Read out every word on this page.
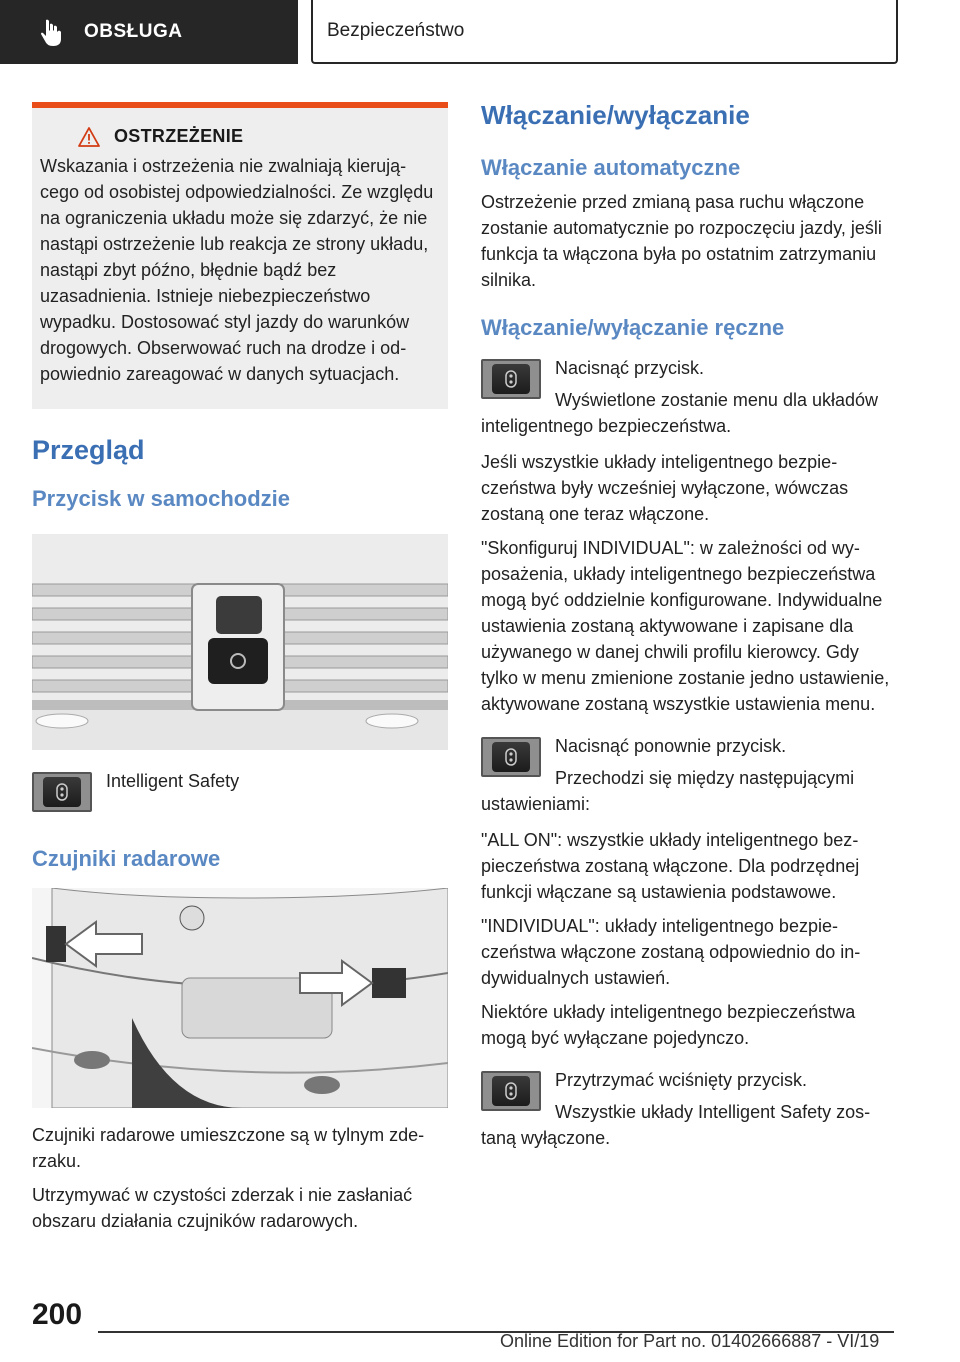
OBSŁUGA	Bezpieczeństwo
OSTRZEŻENIE
Wskazania i ostrzeżenia nie zwalniają kierującego od osobistej odpowiedzialności. Ze względu na ograniczenia układu może się zdarzyć, że nie nastąpi ostrzeżenie lub reakcja ze strony układu, nastąpi zbyt późno, błędnie bądź bez uzasadnienia. Istnieje niebezpieczeństwo wypadku. Dostosować styl jazdy do warunków drogowych. Obserwować ruch na drodze i odpowiednio zareagować w danych sytuacjach.
Przegląd
Przycisk w samochodzie

Intelligent Safety

Czujniki radarowe

Czujniki radarowe umieszczone są w tylnym zderzaku.

Utrzymywać w czystości zderzak i nie zasłaniać obszaru działania czujników radarowych.

Włączanie/wyłączanie
Włączanie automatyczne

Ostrzeżenie przed zmianą pasa ruchu włączone zostanie automatycznie po rozpoczęciu jazdy, jeśli funkcja ta włączona była po ostatnim zatrzymaniu silnika.

Włączanie/wyłączanie ręczne

Nacisnąć przycisk.

Wyświetlone zostanie menu dla układów inteligentnego bezpieczeństwa.

Jeśli wszystkie układy inteligentnego bezpieczeństwa były wcześniej wyłączone, wówczas zostaną one teraz włączone.

"Skonfiguruj INDIVIDUAL": w zależności od wyposażenia, układy inteligentnego bezpieczeństwa mogą być oddzielnie konfigurowane. Indywidualne ustawienia zostaną aktywowane i zapisane dla używanego w danej chwili profilu kierowcy. Gdy tylko w menu zmienione zostanie jedno ustawienie, aktywowane zostaną wszystkie ustawienia menu.

Nacisnąć ponownie przycisk.

Przechodzi się między następującymi ustawieniami:

"ALL ON": wszystkie układy inteligentnego bezpieczeństwa zostaną włączone. Dla podrzędnej funkcji włączane są ustawienia podstawowe.

"INDIVIDUAL": układy inteligentnego bezpieczeństwa włączone zostaną odpowiednio do indywidualnych ustawień.

Niektóre układy inteligentnego bezpieczeństwa mogą być wyłączane pojedynczo.

Przytrzymać wciśnięty przycisk.

Wszystkie układy Intelligent Safety zostaną wyłączone.

200
Online Edition for Part no. 01402666887 - VI/19
